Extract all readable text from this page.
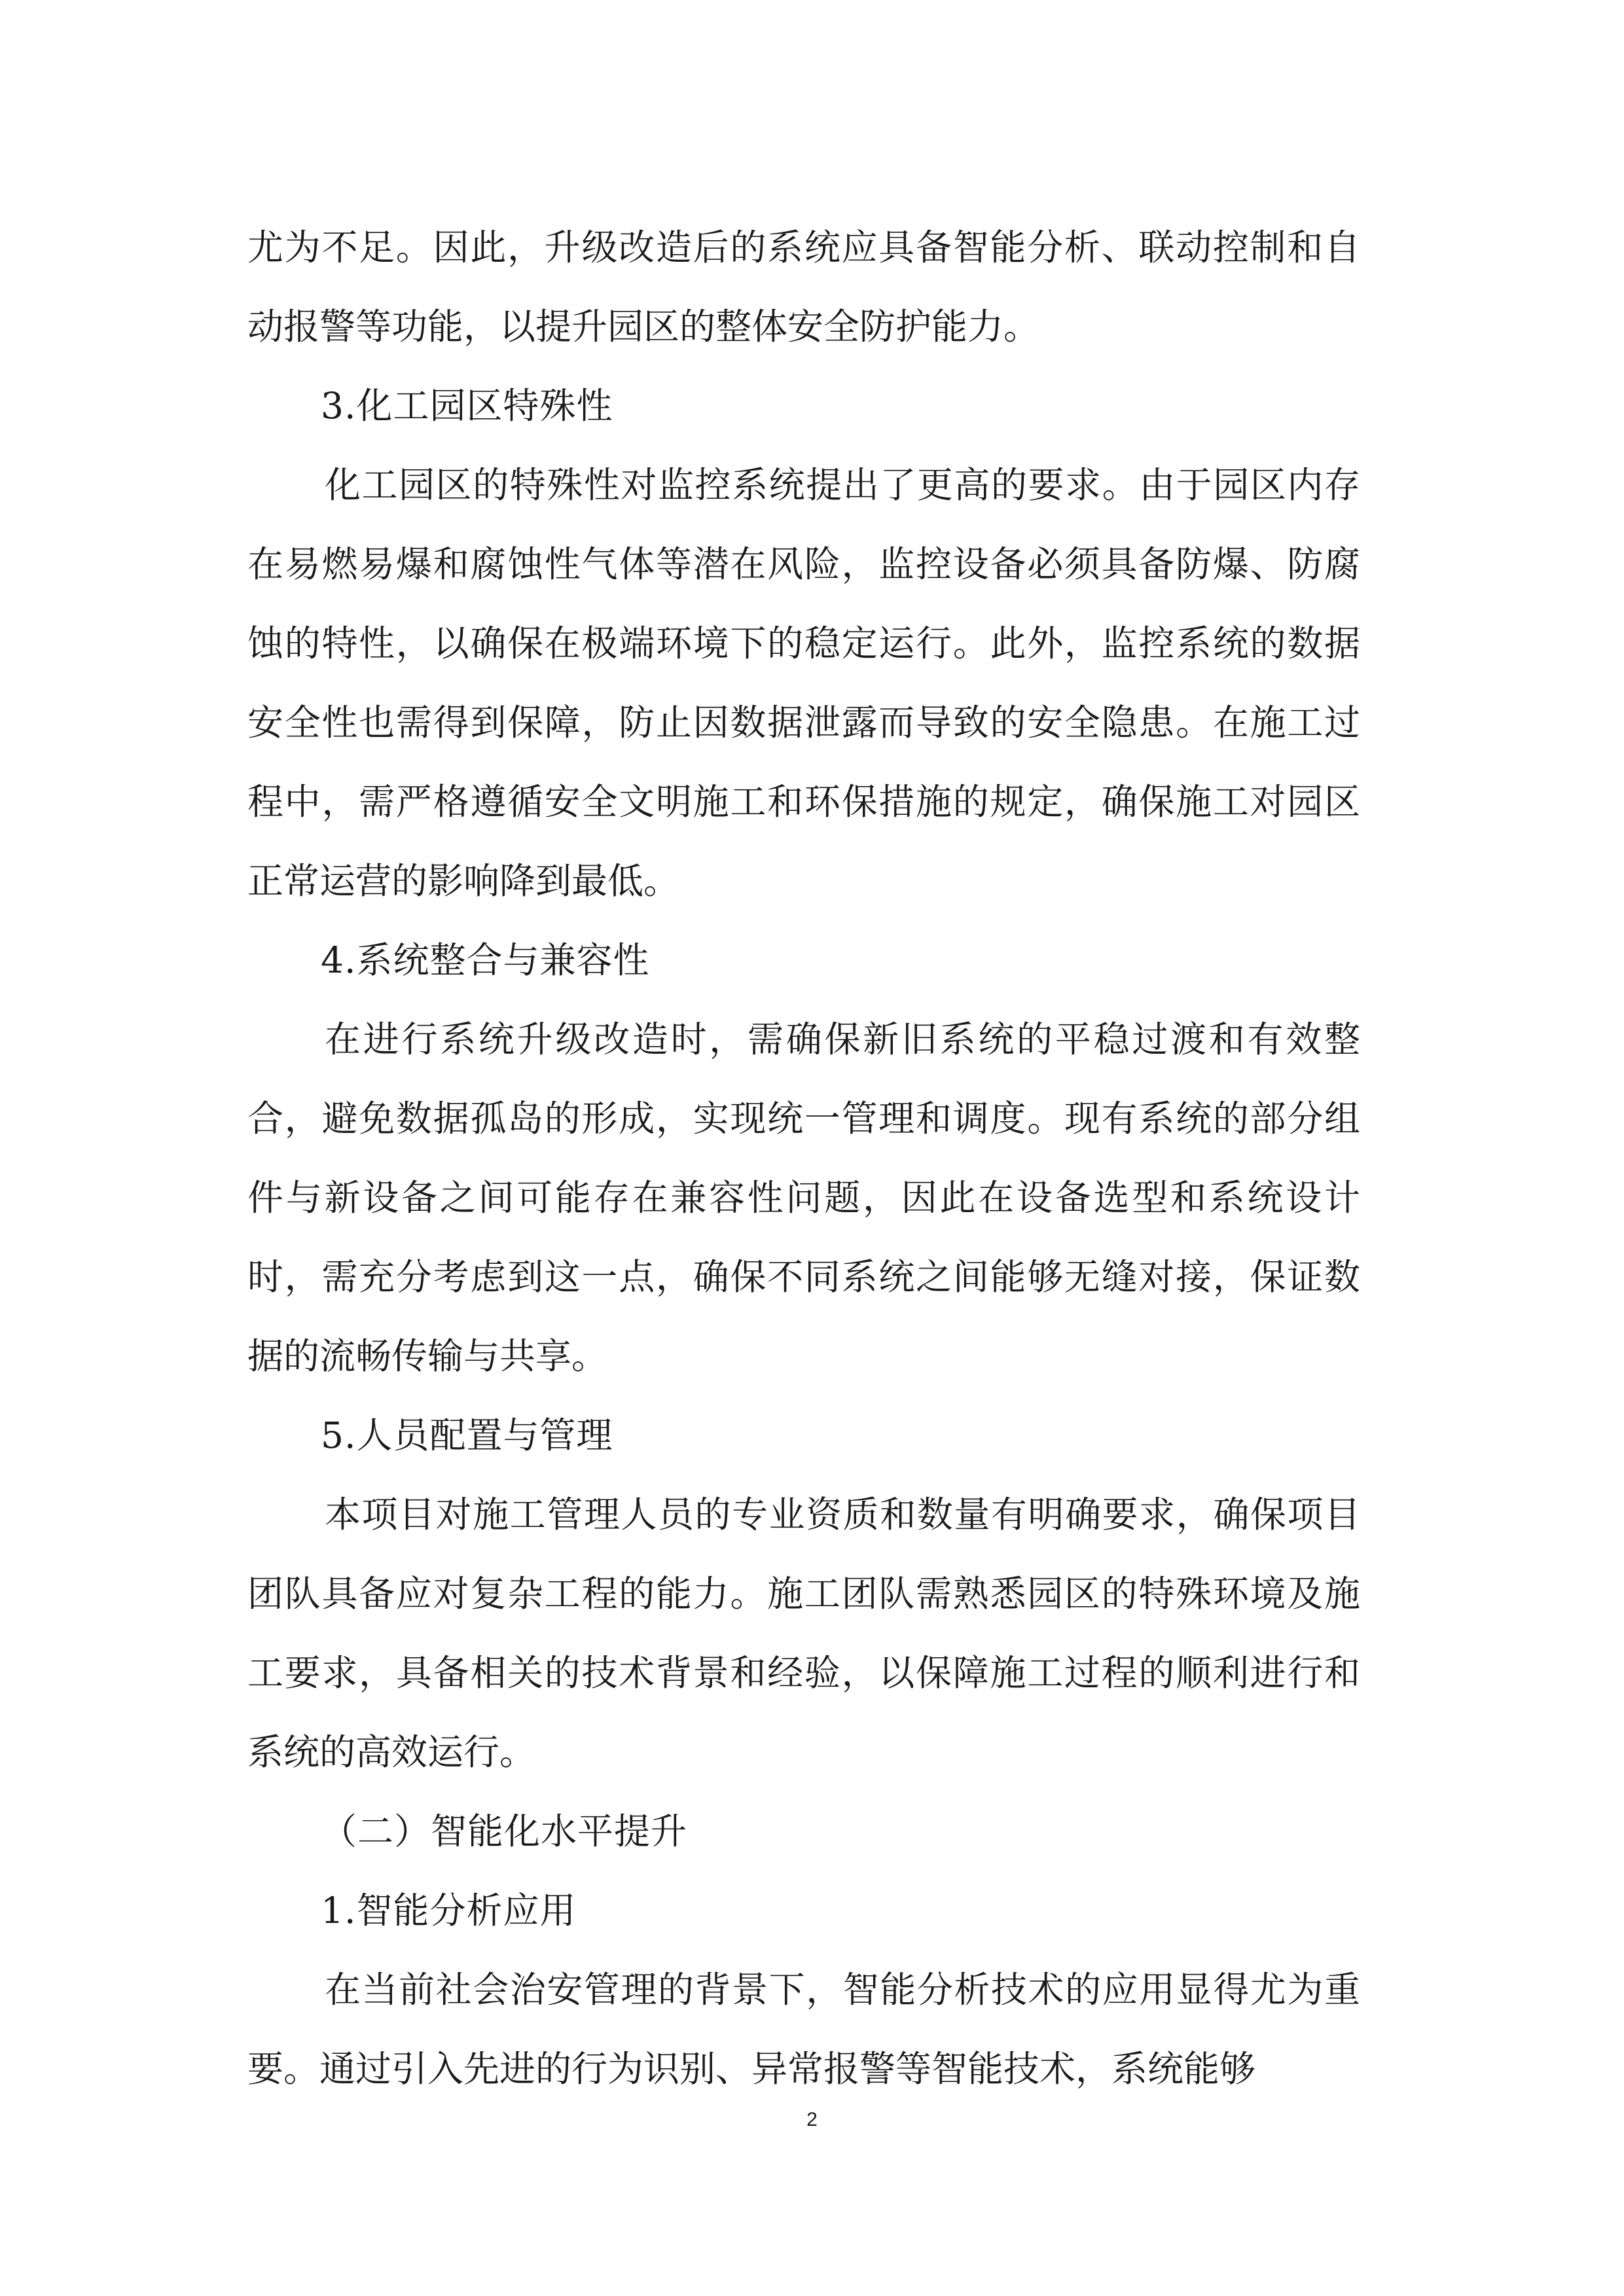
尤为不足。因此，升级改造后的系统应具备智能分析、联动控制和自动报警等功能，以提升园区的整体安全防护能力。

3.化工园区特殊性

化工园区的特殊性对监控系统提出了更高的要求。由于园区内存在易燃易爆和腐蚀性气体等潜在风险，监控设备必须具备防爆、防腐蚀的特性，以确保在极端环境下的稳定运行。此外，监控系统的数据安全性也需得到保障，防止因数据泄露而导致的安全隐患。在施工过程中，需严格遵循安全文明施工和环保措施的规定，确保施工对园区正常运营的影响降到最低。

4.系统整合与兼容性

在进行系统升级改造时，需确保新旧系统的平稳过渡和有效整合，避免数据孤岛的形成，实现统一管理和调度。现有系统的部分组件与新设备之间可能存在兼容性问题，因此在设备选型和系统设计时，需充分考虑到这一点，确保不同系统之间能够无缝对接，保证数据的流畅传输与共享。

5.人员配置与管理

本项目对施工管理人员的专业资质和数量有明确要求，确保项目团队具备应对复杂工程的能力。施工团队需熟悉园区的特殊环境及施工要求，具备相关的技术背景和经验，以保障施工过程的顺利进行和系统的高效运行。

（二）智能化水平提升

1.智能分析应用

在当前社会治安管理的背景下，智能分析技术的应用显得尤为重要。通过引入先进的行为识别、异常报警等智能技术，系统能够

2
